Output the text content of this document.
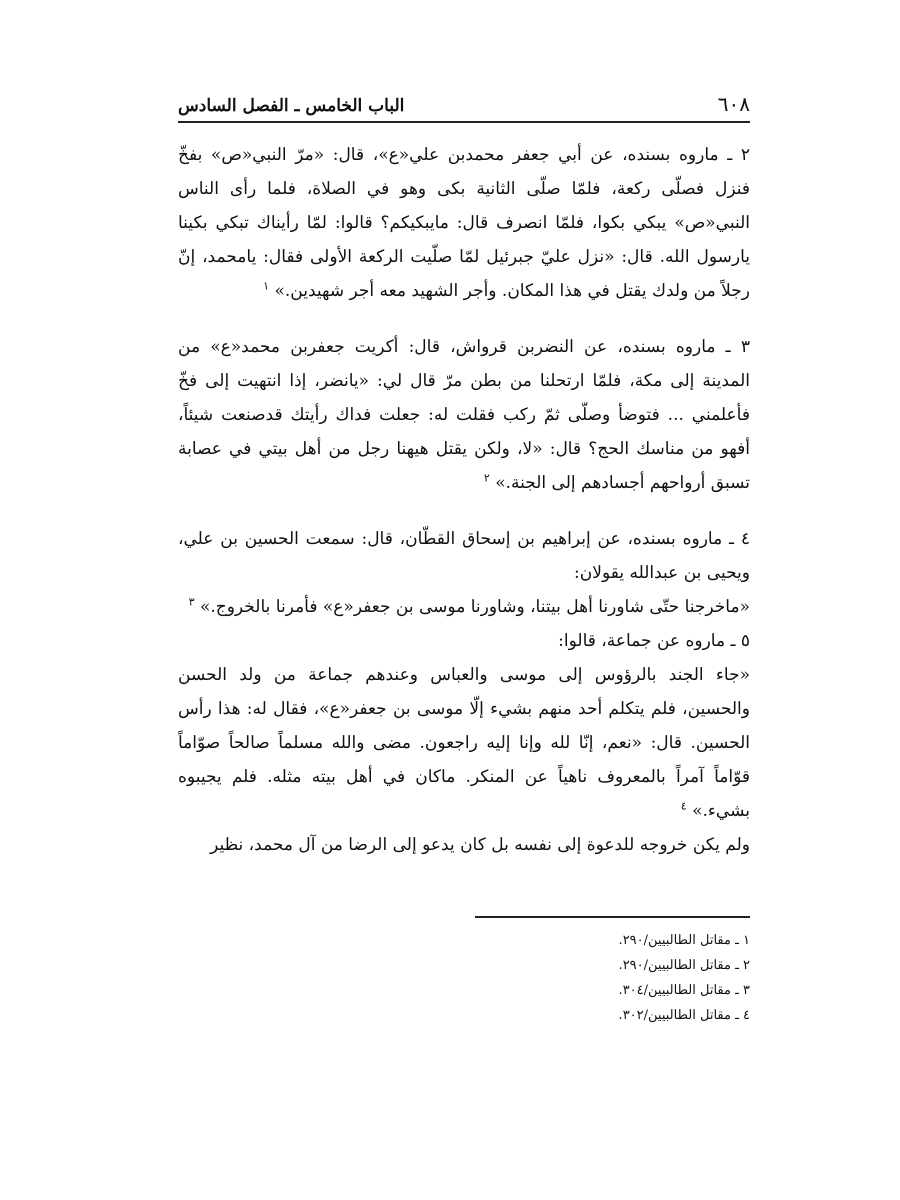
٦٠٨
الباب الخامس ـ الفصل السادس

٢ ـ ماروه بسنده، عن أبي جعفر محمدبن علي«ع»، قال: «مرّ النبي«ص» بفخّ فنزل فصلّى ركعة، فلمّا صلّى الثانية بكى وهو في الصلاة، فلما رأى الناس النبي«ص» يبكي بكوا، فلمّا انصرف قال: مايبكيكم؟ قالوا: لمّا رأيناك تبكي بكينا يارسول الله. قال: «نزل عليّ جبرئيل لمّا صلّيت الركعة الأولى فقال: يامحمد، إنّ رجلاً من ولدك يقتل في هذا المكان. وأجر الشهيد معه أجر شهيدين.» $^١$

٣ ـ ماروه بسنده، عن النضربن قرواش، قال: أكريت جعفربن محمد«ع» من المدينة إلى مكة، فلمّا ارتحلنا من بطن مرّ قال لي: «يانضر، إذا انتهيت إلى فخّ فأعلمني ... فتوضأ وصلّى ثمّ ركب فقلت له: جعلت فداك رأيتك قدصنعت شيئاً، أفهو من مناسك الحج؟ قال: «لا، ولكن يقتل هيهنا رجل من أهل بيتي في عصابة تسبق أرواحهم أجسادهم إلى الجنة.» $^٢$

٤ ـ ماروه بسنده، عن إبراهيم بن إسحاق القطّان، قال: سمعت الحسين بن علي، ويحيى بن عبدالله يقولان:

«ماخرجنا حتّى شاورنا أهل بيتنا، وشاورنا موسى بن جعفر«ع» فأمرنا بالخروج.» $^٣$

٥ ـ ماروه عن جماعة، قالوا:

«جاء الجند بالرؤوس إلى موسى والعباس وعندهم جماعة من ولد الحسن والحسين، فلم يتكلم أحد منهم بشيء إلّا موسى بن جعفر«ع»، فقال له: هذا رأس الحسين. قال: «نعم، إنّا لله وإنا إليه راجعون. مضى والله مسلماً صالحاً صوّاماً قوّاماً آمراً بالمعروف ناهياً عن المنكر. ماكان في أهل بيته مثله. فلم يجيبوه بشيء.» $^٤$

ولم يكن خروجه للدعوة إلى نفسه بل كان يدعو إلى الرضا من آل محمد، نظير

١ ـ مقاتل الطالبيين/٢٩٠.

٢ ـ مقاتل الطالبيين/٢٩٠.

٣ ـ مقاتل الطالبيين/٣٠٤.

٤ ـ مقاتل الطالبيين/٣٠٢.
